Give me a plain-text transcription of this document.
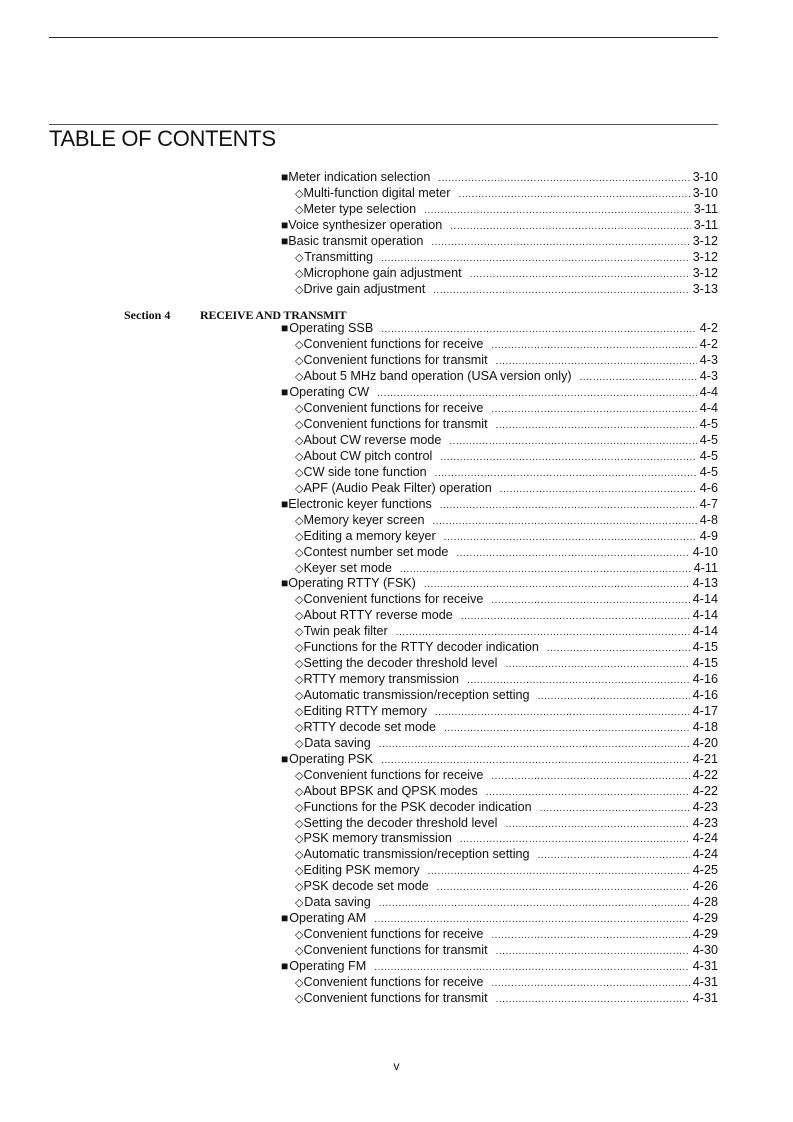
TABLE OF CONTENTS
■ Meter indication selection .....	3-10
◇ Multi-function digital meter .....	3-10
◇ Meter type selection .....	3-11
■ Voice synthesizer operation .....	3-11
■ Basic transmit operation .....	3-12
◇ Transmitting .....	3-12
◇ Microphone gain adjustment .....	3-12
◇ Drive gain adjustment .....	3-13
Section 4 RECEIVE AND TRANSMIT
■ Operating SSB .....	4-2
◇ Convenient functions for receive .....	4-2
◇ Convenient functions for transmit .....	4-3
◇ About 5 MHz band operation (USA version only) .....	4-3
■ Operating CW .....	4-4
◇ Convenient functions for receive .....	4-4
◇ Convenient functions for transmit .....	4-5
◇ About CW reverse mode .....	4-5
◇ About CW pitch control .....	4-5
◇ CW side tone function .....	4-5
◇ APF (Audio Peak Filter) operation .....	4-6
■ Electronic keyer functions .....	4-7
◇ Memory keyer screen .....	4-8
◇ Editing a memory keyer .....	4-9
◇ Contest number set mode .....	4-10
◇ Keyer set mode .....	4-11
■ Operating RTTY (FSK) .....	4-13
◇ Convenient functions for receive .....	4-14
◇ About RTTY reverse mode .....	4-14
◇ Twin peak filter .....	4-14
◇ Functions for the RTTY decoder indication .....	4-15
◇ Setting the decoder threshold level .....	4-15
◇ RTTY memory transmission .....	4-16
◇ Automatic transmission/reception setting .....	4-16
◇ Editing RTTY memory .....	4-17
◇ RTTY decode set mode .....	4-18
◇ Data saving .....	4-20
■ Operating PSK .....	4-21
◇ Convenient functions for receive .....	4-22
◇ About BPSK and QPSK modes .....	4-22
◇ Functions for the PSK decoder indication .....	4-23
◇ Setting the decoder threshold level .....	4-23
◇ PSK memory transmission .....	4-24
◇ Automatic transmission/reception setting .....	4-24
◇ Editing PSK memory .....	4-25
◇ PSK decode set mode .....	4-26
◇ Data saving .....	4-28
■ Operating AM .....	4-29
◇ Convenient functions for receive .....	4-29
◇ Convenient functions for transmit .....	4-30
■ Operating FM .....	4-31
◇ Convenient functions for receive .....	4-31
◇ Convenient functions for transmit .....	4-31
v
